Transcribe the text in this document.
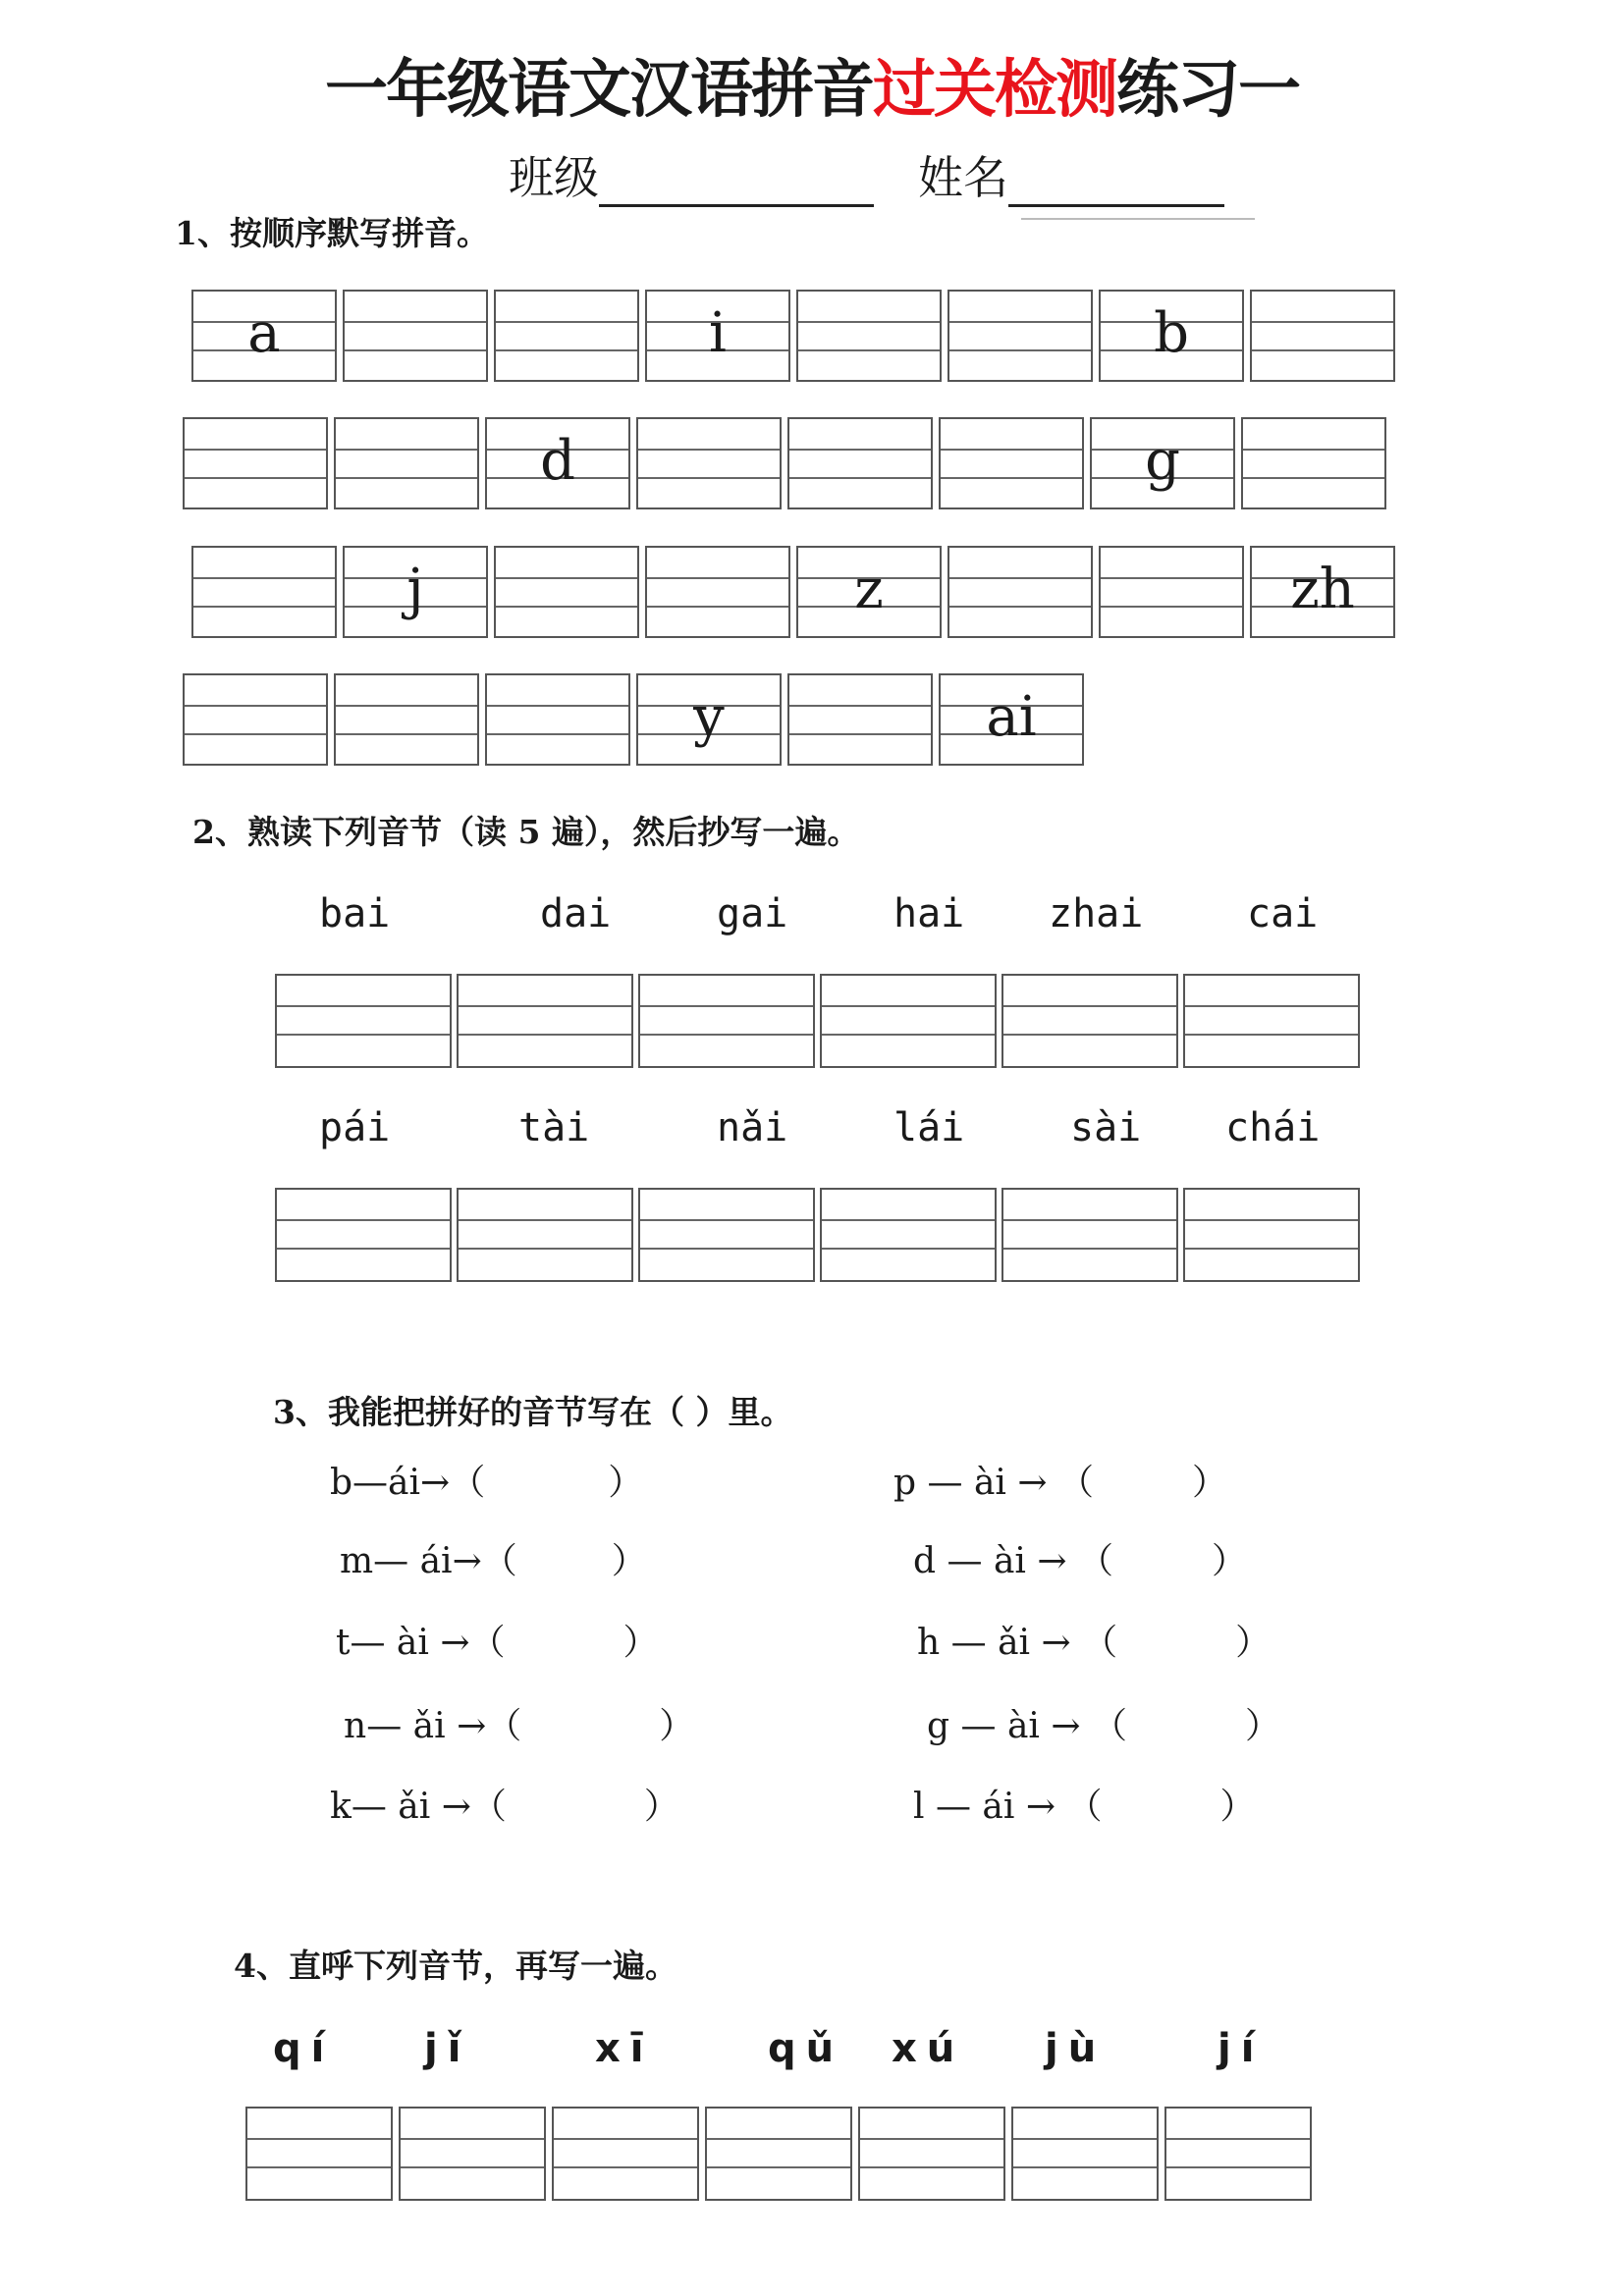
一年级语文汉语拼音过关检测练习一
班级	姓名
1、按顺序默写拼音。
a	i	b
d	g
j	z	zh
y	ai
2、熟读下列音节（读 5 遍），然后抄写一遍。
bai	dai	gai	hai zhai	cai
pái	tài	nǎi	lái	sài chái
3、我能把拼好的音节写在（ ）里。
b—ái→（	）
m— ái→（	）
t— ài →（	）
n— ǎi →（	）
k— ǎi →（	）
p — ài → （	）
d — ài → （	）
h — ǎi → （	）
g — ài → （	）
l — ái → （	）
4、直呼下列音节，再写一遍。
qí jǐ	xī	qǔ xú jù	jí
